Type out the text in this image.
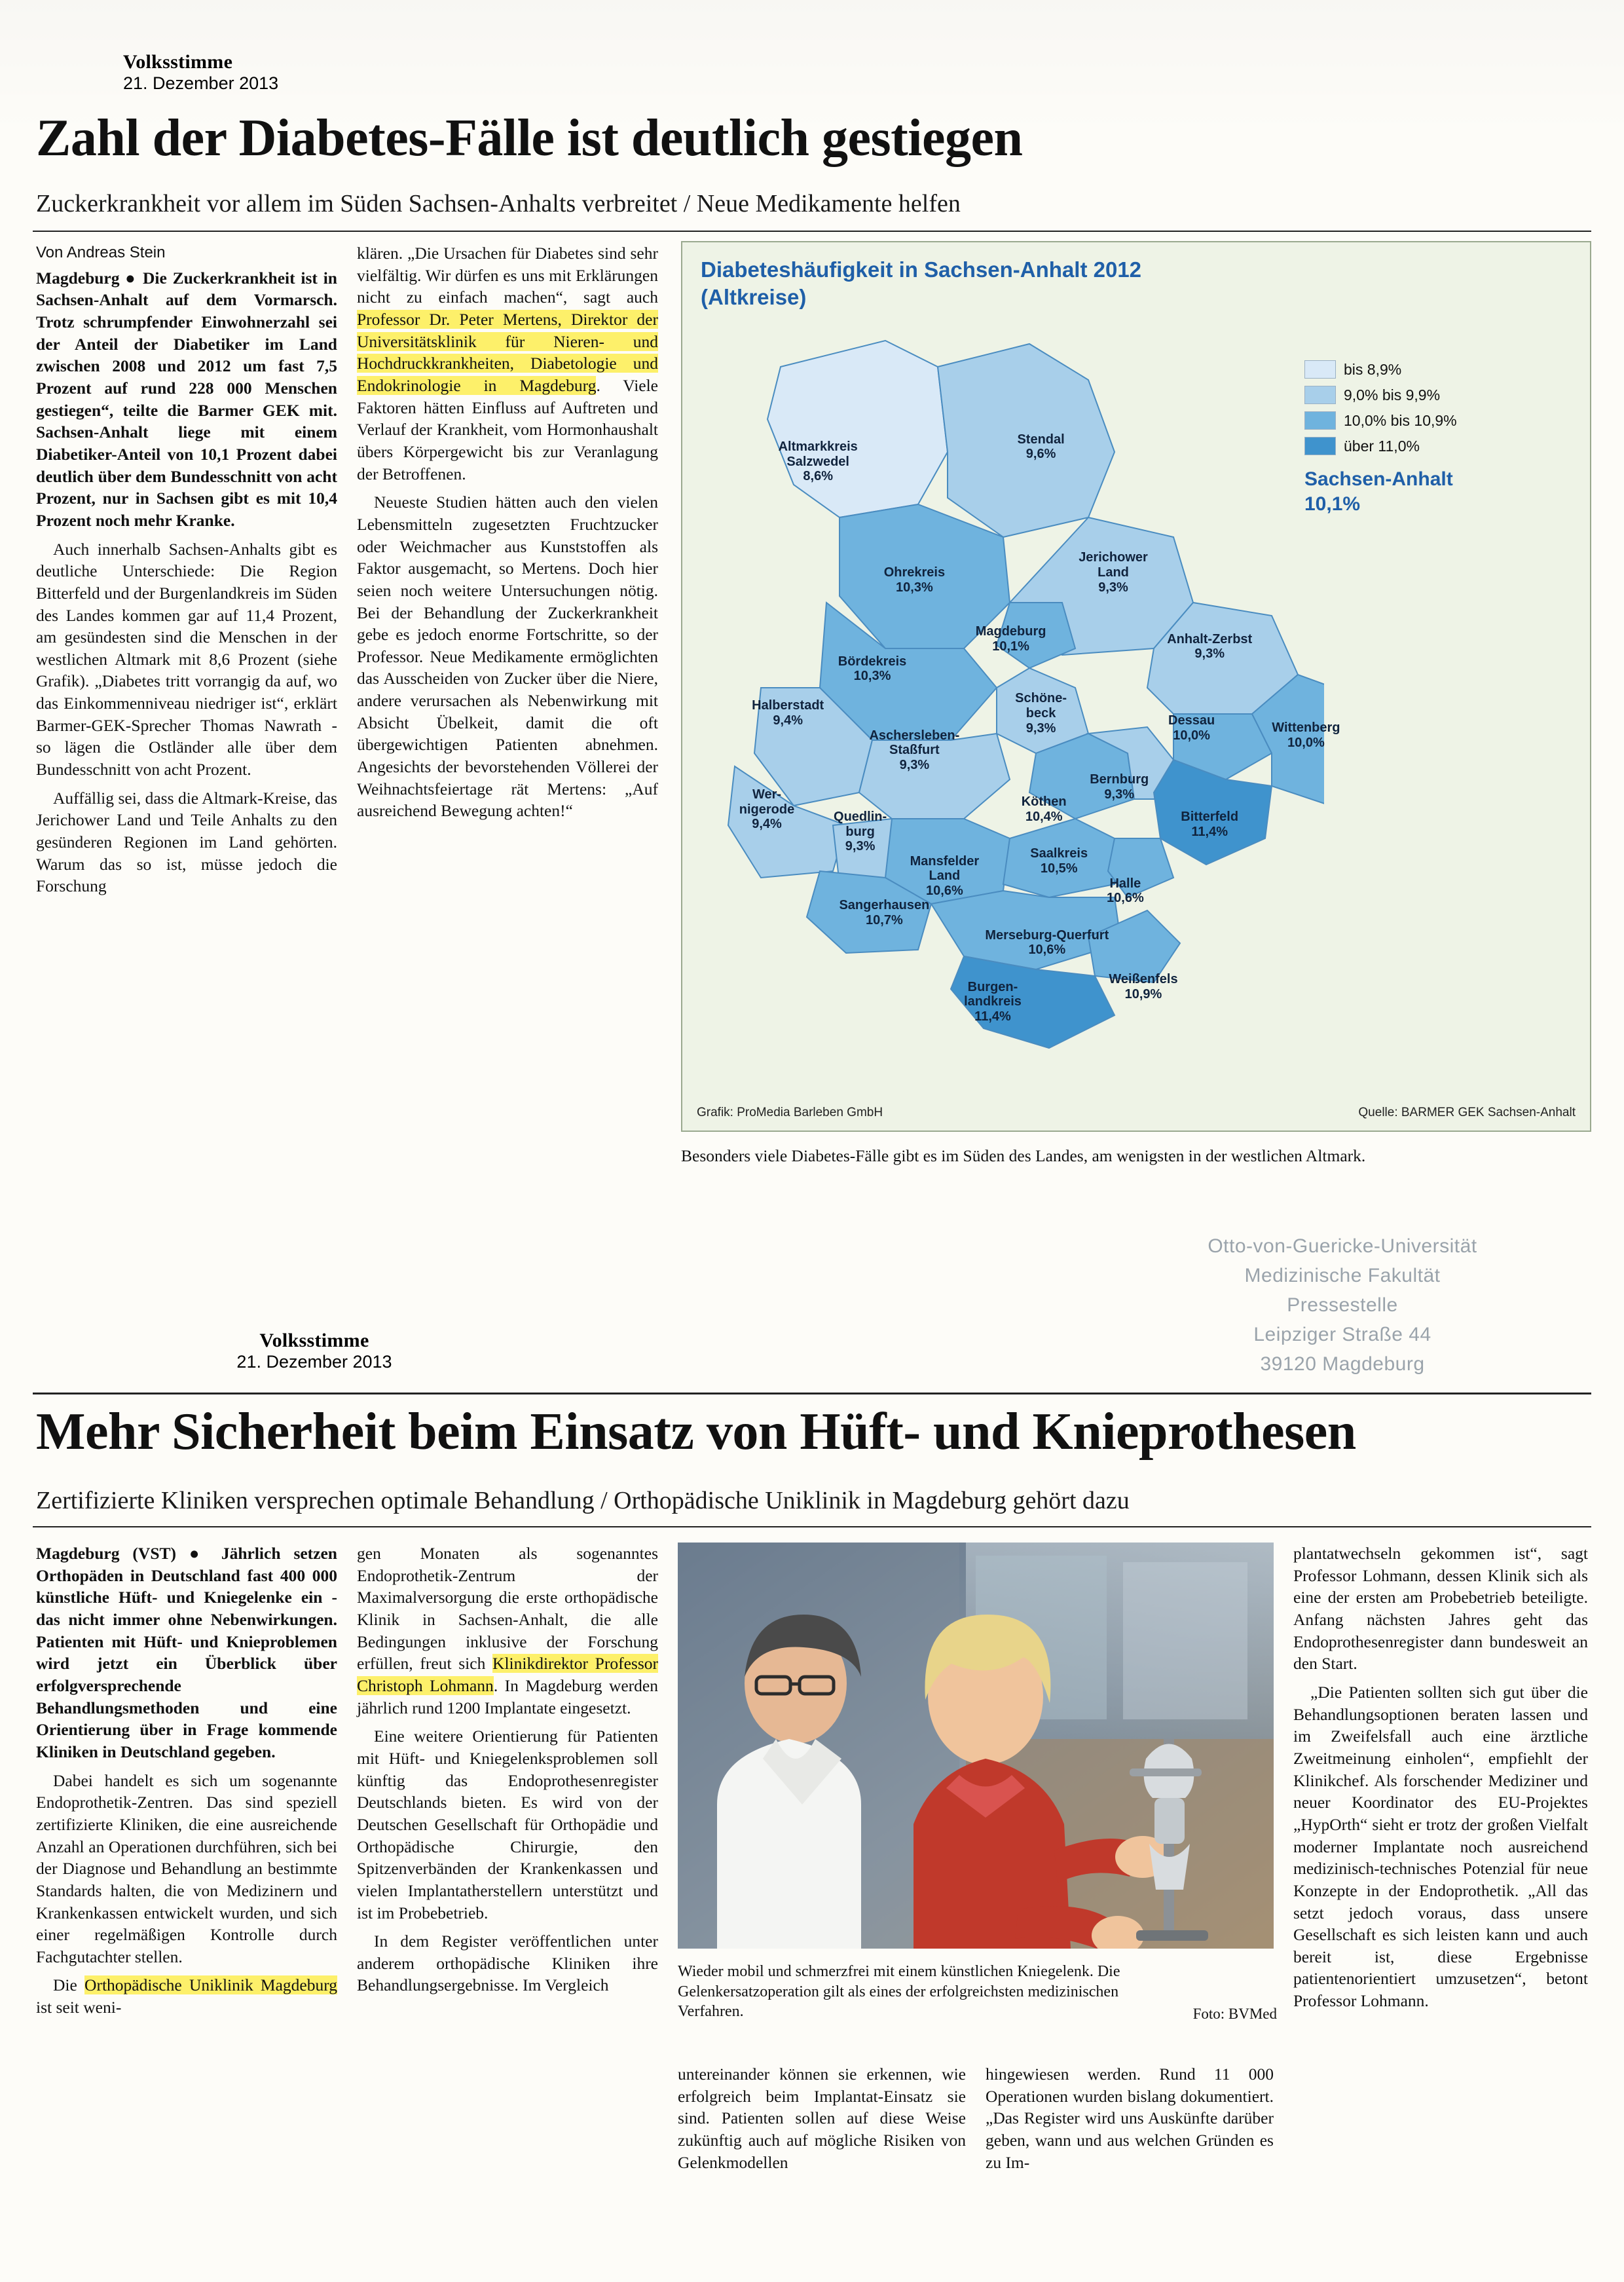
Volksstimme
21. Dezember 2013
Zahl der Diabetes-Fälle ist deutlich gestiegen
Zuckerkrankheit vor allem im Süden Sachsen-Anhalts verbreitet / Neue Medikamente helfen
Von Andreas Stein

Magdeburg ● Die Zuckerkrankheit ist in Sachsen-Anhalt auf dem Vormarsch. Trotz schrumpfender Einwohnerzahl sei der Anteil der Diabetiker im Land zwischen 2008 und 2012 um fast 7,5 Prozent auf rund 228 000 Menschen gestiegen“, teilte die Barmer GEK mit. Sachsen-Anhalt liege mit einem Diabetiker-Anteil von 10,1 Prozent dabei deutlich über dem Bundesschnitt von acht Prozent, nur in Sachsen gibt es mit 10,4 Prozent noch mehr Kranke.

Auch innerhalb Sachsen-Anhalts gibt es deutliche Unterschiede: Die Region Bitterfeld und der Burgenlandkreis im Süden des Landes kommen gar auf 11,4 Prozent, am gesündesten sind die Menschen in der westlichen Altmark mit 8,6 Prozent (siehe Grafik). „Diabetes tritt vorrangig da auf, wo das Einkommenniveau niedriger ist“, erklärt Barmer-GEK-Sprecher Thomas Nawrath - so lägen die Ostländer alle über dem Bundesschnitt von acht Prozent.

Auffällig sei, dass die Altmark-Kreise, das Jerichower Land und Teile Anhalts zu den gesünderen Regionen im Land gehörten. Warum das so ist, müsse jedoch die Forschung

klären. „Die Ursachen für Diabetes sind sehr vielfältig. Wir dürfen es uns mit Erklärungen nicht zu einfach machen“, sagt auch Professor Dr. Peter Mertens, Direktor der Universitätsklinik für Nieren- und Hochdruckkrankheiten, Diabetologie und Endokrinologie in Magdeburg. Viele Faktoren hätten Einfluss auf Auftreten und Verlauf der Krankheit, vom Hormonhaushalt übers Körpergewicht bis zur Veranlagung der Betroffenen.

Neueste Studien hätten auch den vielen Lebensmitteln zugesetzten Fruchtzucker oder Weichmacher aus Kunststoffen als Faktor ausgemacht, so Mertens. Doch hier seien noch weitere Untersuchungen nötig. Bei der Behandlung der Zuckerkrankheit gebe es jedoch enorme Fortschritte, so der Professor. Neue Medikamente ermöglichten das Ausscheiden von Zucker über die Niere, andere verursachen als Nebenwirkung mit Absicht Übelkeit, damit die oft übergewichtigen Patienten abnehmen. Angesichts der bevorstehenden Völlerei der Weihnachtsfeiertage rät Mertens: „Auf ausreichend Bewegung achten!“

Diabeteshäufigkeit in Sachsen-Anhalt 2012
(Altkreise)
Altmarkkreis
Salzwedel
8,6%
Stendal
9,6%
Ohrekreis
10,3%
Jerichower
Land
9,3%
Magdeburg
10,1%
Bördekreis
10,3%
Anhalt-Zerbst
9,3%
Halberstadt
9,4%
Schöne-
beck
9,3%
Aschersleben-
Staßfurt
9,3%
Dessau
10,0%
Wittenberg
10,0%
Wer-
nigerode
9,4%
Quedlin-
burg
9,3%
Köthen
10,4%
Bernburg
9,3%
Bitterfeld
11,4%
Mansfelder
Land
10,6%
Saalkreis
10,5%
Halle
10,6%
Sangerhausen
10,7%
Merseburg-Querfurt
10,6%
Weißenfels
10,9%
Burgen-
landkreis
11,4%
bis 8,9%
9,0% bis 9,9%
10,0% bis 10,9%
über 11,0%
Sachsen-Anhalt
10,1%
Grafik: ProMedia Barleben GmbH	Quelle: BARMER GEK Sachsen-Anhalt
Besonders viele Diabetes-Fälle gibt es im Süden des Landes, am wenigsten in der westlichen Altmark.
Otto-von-Guericke-Universität
Medizinische Fakultät
Pressestelle
Leipziger Straße 44
39120 Magdeburg
Volksstimme
21. Dezember 2013
Mehr Sicherheit beim Einsatz von Hüft- und Knieprothesen
Zertifizierte Kliniken versprechen optimale Behandlung / Orthopädische Uniklinik in Magdeburg gehört dazu

Magdeburg (VST) ● Jährlich setzen Orthopäden in Deutschland fast 400 000 künstliche Hüft- und Kniegelenke ein - das nicht immer ohne Nebenwirkungen. Patienten mit Hüft- und Knieproblemen wird jetzt ein Überblick über erfolgversprechende Behandlungsmethoden und eine Orientierung über in Frage kommende Kliniken in Deutschland gegeben.

Dabei handelt es sich um sogenannte Endoprothetik-Zentren. Das sind speziell zertifizierte Kliniken, die eine ausreichende Anzahl an Operationen durchführen, sich bei der Diagnose und Behandlung an bestimmte Standards halten, die von Medizinern und Krankenkassen entwickelt wurden, und sich einer regelmäßigen Kontrolle durch Fachgutachter stellen.

Die Orthopädische Uniklinik Magdeburg ist seit weni-

gen Monaten als sogenanntes Endoprothetik-Zentrum der Maximalversorgung die erste orthopädische Klinik in Sachsen-Anhalt, die alle Bedingungen inklusive der Forschung erfüllen, freut sich Klinikdirektor Professor Christoph Lohmann. In Magdeburg werden jährlich rund 1200 Implantate eingesetzt.

Eine weitere Orientierung für Patienten mit Hüft- und Kniegelenksproblemen soll künftig das Endoprothesenregister Deutschlands bieten. Es wird von der Deutschen Gesellschaft für Orthopädie und Orthopädische Chirurgie, den Spitzenverbänden der Krankenkassen und vielen Implantatherstellern unterstützt und ist im Probebetrieb.

In dem Register veröffentlichen unter anderem orthopädische Kliniken ihre Behandlungsergebnisse. Im Vergleich

Wieder mobil und schmerzfrei mit einem künstlichen Kniegelenk. Die Gelenkersatzoperation gilt als eines der erfolgreichsten medizinischen Verfahren.	Foto: BVMed

untereinander können sie erkennen, wie erfolgreich beim Implantat-Einsatz sie sind. Patienten sollen auf diese Weise zukünftig auch auf mögliche Risiken von Gelenkmodellen

hingewiesen werden. Rund 11 000 Operationen wurden bislang dokumentiert. „Das Register wird uns Auskünfte darüber geben, wann und aus welchen Gründen es zu Im-

plantatwechseln gekommen ist“, sagt Professor Lohmann, dessen Klinik sich als eine der ersten am Probebetrieb beteiligte. Anfang nächsten Jahres geht das Endoprothesenregister dann bundesweit an den Start.

„Die Patienten sollten sich gut über die Behandlungsoptionen beraten lassen und im Zweifelsfall auch eine ärztliche Zweitmeinung einholen“, empfiehlt der Klinikchef. Als forschender Mediziner und neuer Koordinator des EU-Projektes „HypOrth“ sieht er trotz der großen Vielfalt moderner Implantate noch ausreichend medizinisch-technisches Potenzial für neue Konzepte in der Endoprothetik. „All das setzt jedoch voraus, dass unsere Gesellschaft es sich leisten kann und auch bereit ist, diese Ergebnisse patientenorientiert umzusetzen“, betont Professor Lohmann.
